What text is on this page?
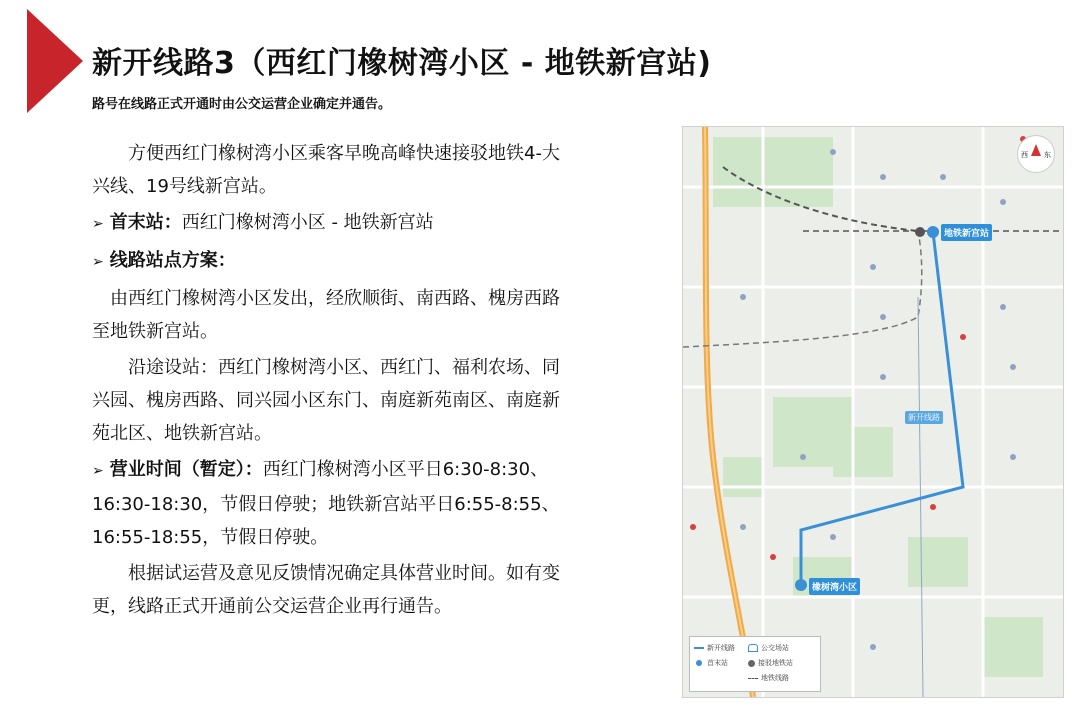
新开线路3（西红门橡树湾小区 - 地铁新宫站)
路号在线路正式开通时由公交运营企业确定并通告。

方便西红门橡树湾小区乘客早晚高峰快速接驳地铁4-大兴线、19号线新宫站。

➢ 首末站：西红门橡树湾小区 - 地铁新宫站

➢ 线路站点方案：

由西红门橡树湾小区发出，经欣顺街、南西路、槐房西路至地铁新宫站。

沿途设站：西红门橡树湾小区、西红门、福利农场、同兴园、槐房西路、同兴园小区东门、南庭新苑南区、南庭新苑北区、地铁新宫站。

➢ 营业时间（暂定）：西红门橡树湾小区平日6:30-8:30、16:30-18:30，节假日停驶；地铁新宫站平日6:55-8:55、16:55-18:55，节假日停驶。

根据试运营及意见反馈情况确定具体营业时间。如有变更，线路正式开通前公交运营企业再行通告。

西 东
地铁新宫站
橡树湾小区
新开线路
新开线路
首末站
公交场站
接驳地铁站
地铁线路
